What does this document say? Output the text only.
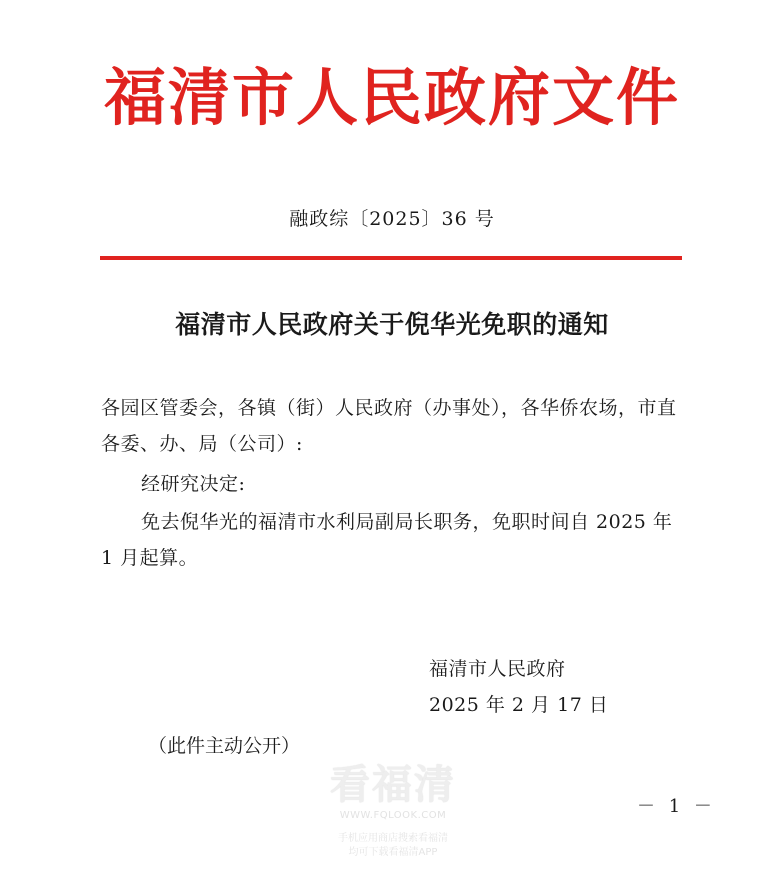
福清市人民政府文件
融政综〔2025〕36 号
福清市人民政府关于倪华光免职的通知
各园区管委会，各镇（街）人民政府（办事处），各华侨农场，市直各委、办、局（公司）:
经研究决定:
免去倪华光的福清市水利局副局长职务，免职时间自 2025 年 1 月起算。
福清市人民政府
2025 年 2 月 17 日
（此件主动公开）
－ 1 －
看福清
WWW.FQLOOK.COM
手机应用商店搜索看福清
均可下载看福清APP
